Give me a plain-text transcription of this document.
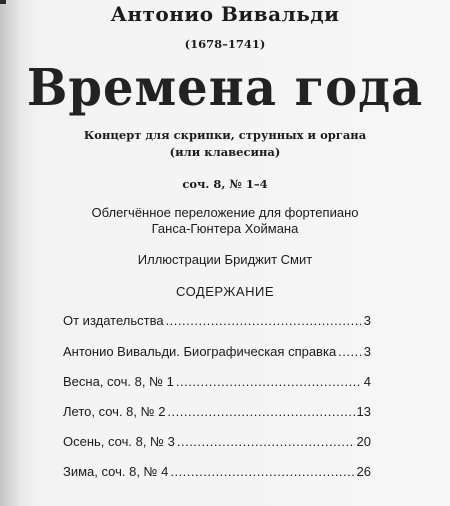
Антонио Вивальди
(1678–1741)
Времена года
Концерт для скрипки, струнных и органа
(или клавесина)
соч. 8, № 1–4
Облегчённое переложение для фортепиано
Ганса-Гюнтера Хоймана
Иллюстрации Бриджит Смит
СОДЕРЖАНИЕ
От издательства .....	3
Антонио Вивальди. Биографическая справка ..... 3
Весна, соч. 8, № 1 .....	4
Лето, соч. 8, № 2 .....	13
Осень, соч. 8, № 3 .....	20
Зима, соч. 8, № 4 .....	26
